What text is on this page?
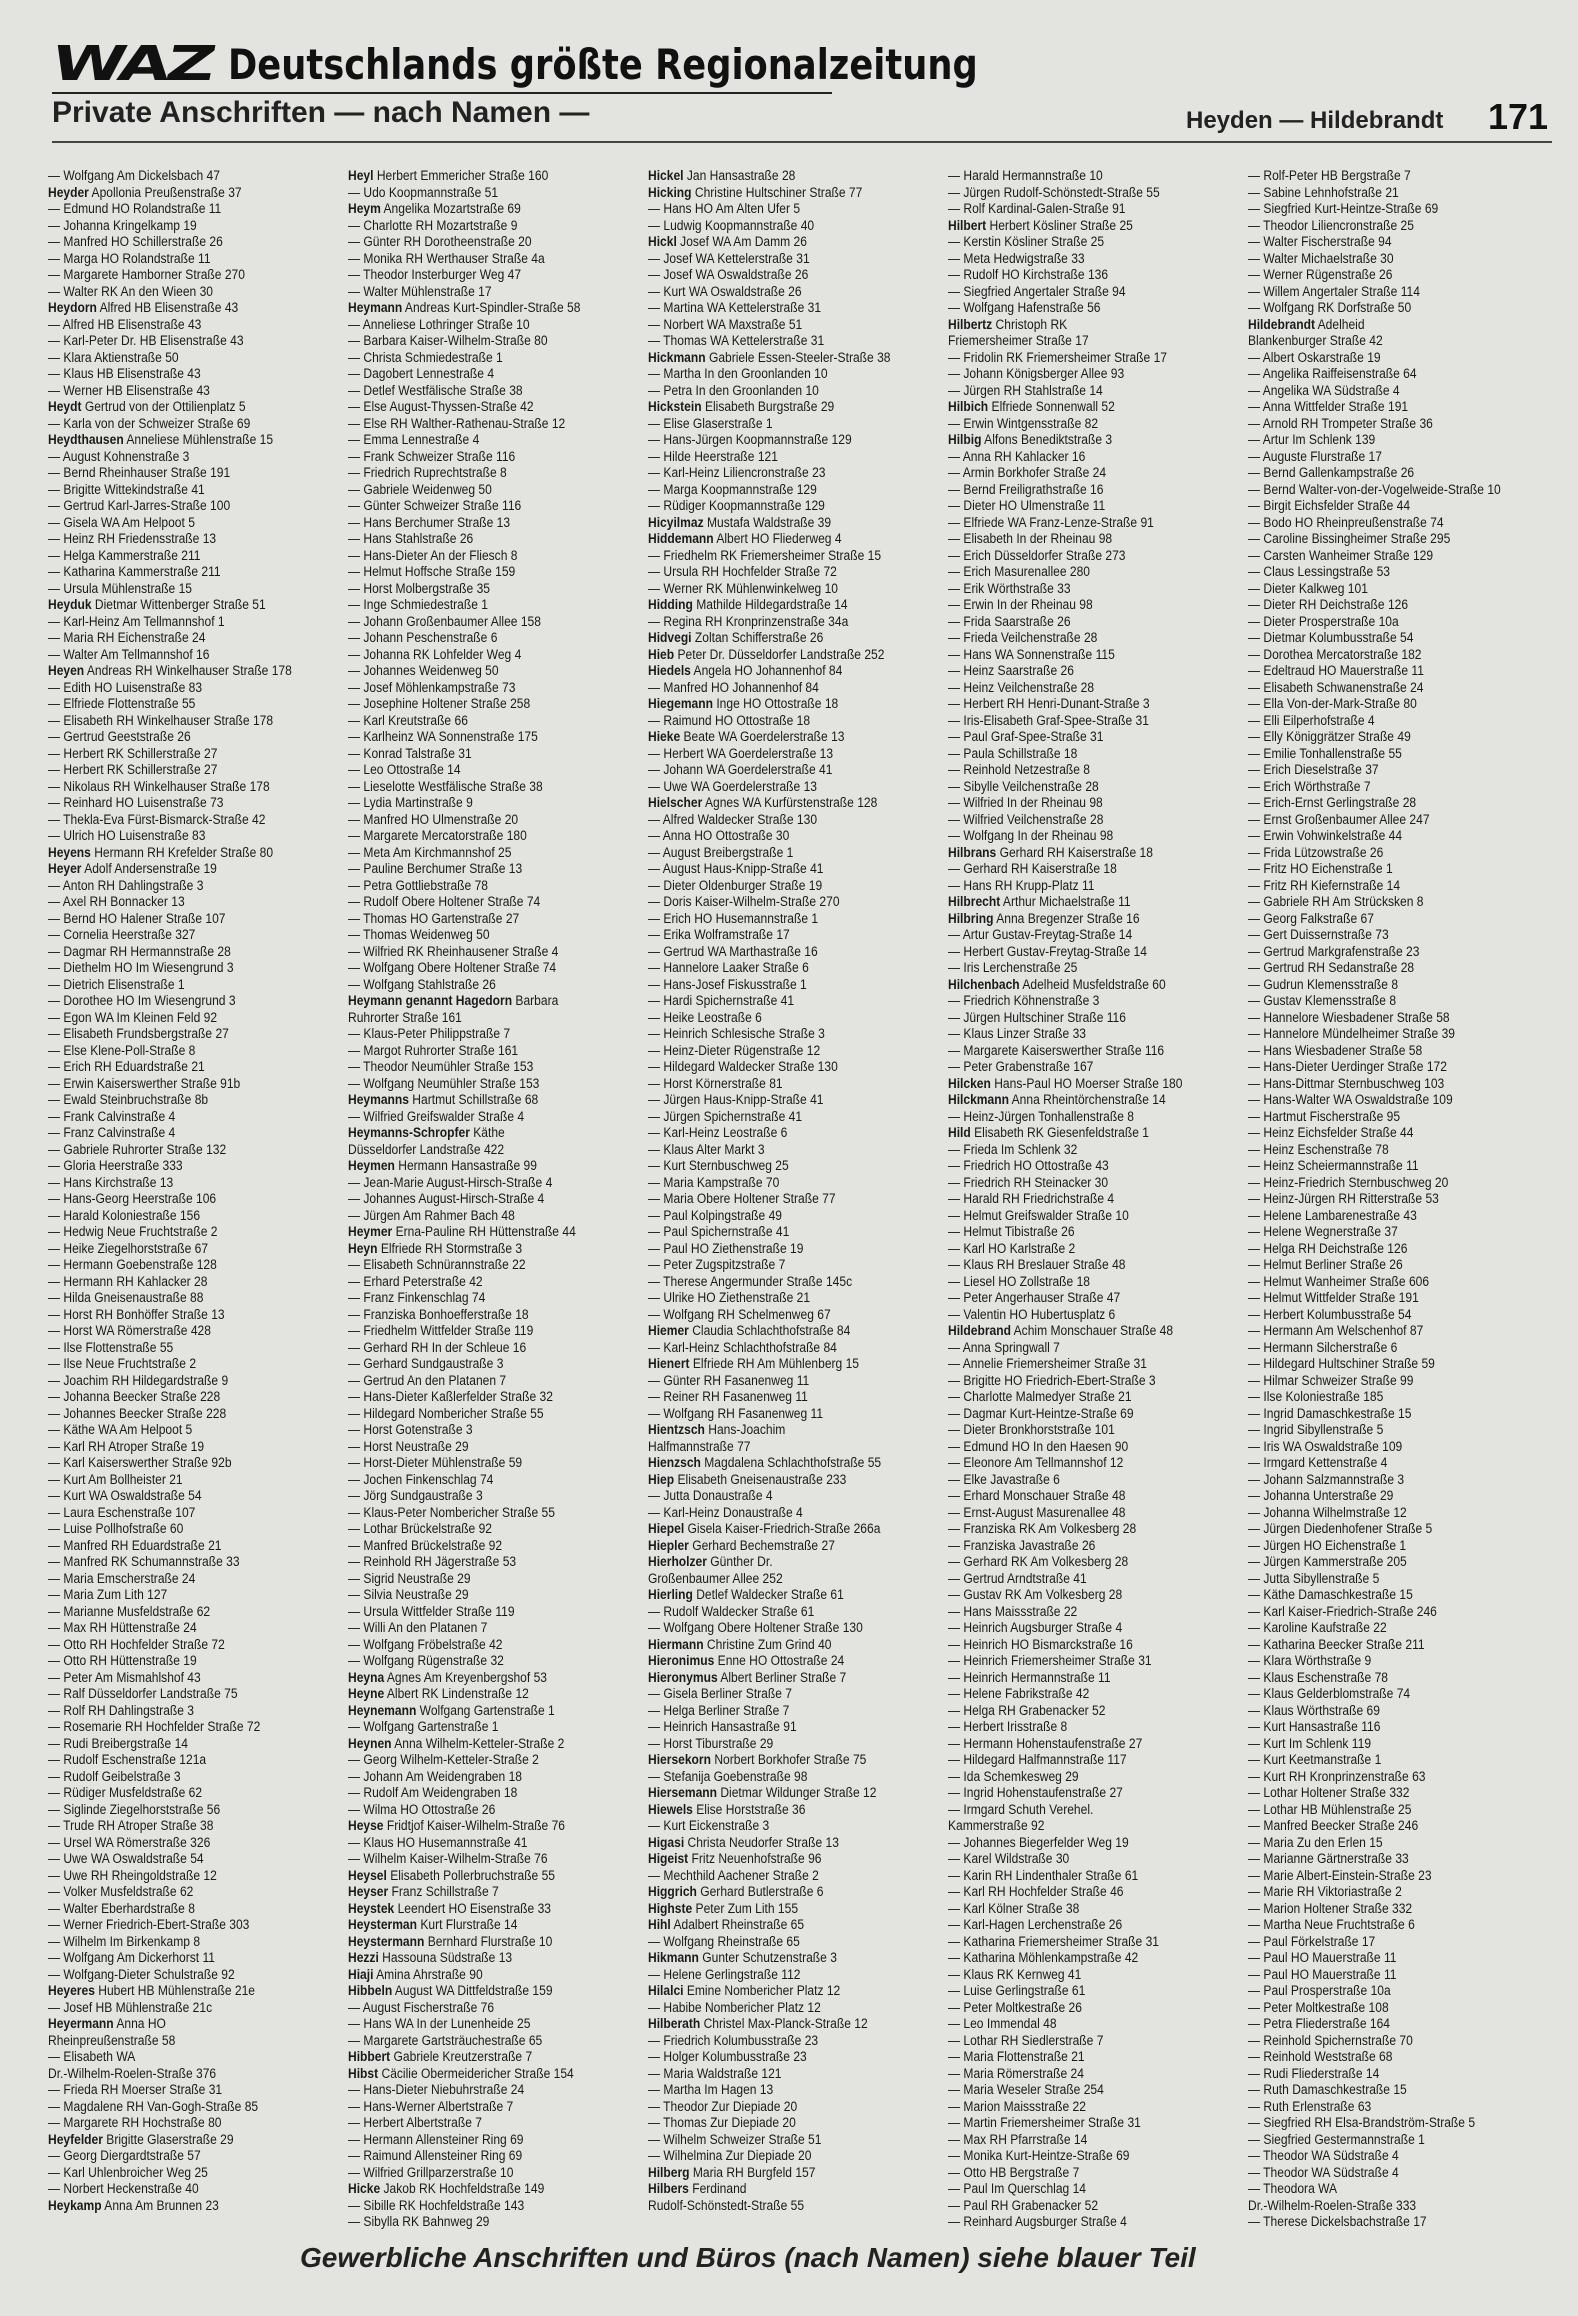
WAZ Deutschlands größte Regionalzeitung
Private Anschriften — nach Namen —	Heyden — Hildebrandt 171

— Wolfgang Am Dickelsbach 47

Heyder Apollonia Preußenstraße 37

— Edmund HO Rolandstraße 11

— Johanna Kringelkamp 19

— Manfred HO Schillerstraße 26

— Marga HO Rolandstraße 11

— Margarete Hamborner Straße 270

— Walter RK An den Wieen 30

Heydorn Alfred HB Elisenstraße 43

— Alfred HB Elisenstraße 43

— Karl-Peter Dr. HB Elisenstraße 43

— Klara Aktienstraße 50

— Klaus HB Elisenstraße 43

— Werner HB Elisenstraße 43

Heydt Gertrud von der Ottilienplatz 5

— Karla von der Schweizer Straße 69

Heydthausen Anneliese Mühlenstraße 15

— August Kohnenstraße 3

— Bernd Rheinhauser Straße 191

— Brigitte Wittekindstraße 41

— Gertrud Karl-Jarres-Straße 100

— Gisela WA Am Helpoot 5

— Heinz RH Friedensstraße 13

— Helga Kammerstraße 211

— Katharina Kammerstraße 211

— Ursula Mühlenstraße 15

Heyduk Dietmar Wittenberger Straße 51

— Karl-Heinz Am Tellmannshof 1

— Maria RH Eichenstraße 24

— Walter Am Tellmannshof 16

Heyen Andreas RH Winkelhauser Straße 178

— Edith HO Luisenstraße 83

— Elfriede Flottenstraße 55

— Elisabeth RH Winkelhauser Straße 178

— Gertrud Geeststraße 26

— Herbert RK Schillerstraße 27

— Herbert RK Schillerstraße 27

— Nikolaus RH Winkelhauser Straße 178

— Reinhard HO Luisenstraße 73

— Thekla-Eva Fürst-Bismarck-Straße 42

— Ulrich HO Luisenstraße 83

Heyens Hermann RH Krefelder Straße 80

Heyer Adolf Andersenstraße 19

— Anton RH Dahlingstraße 3

— Axel RH Bonnacker 13

— Bernd HO Halener Straße 107

— Cornelia Heerstraße 327

— Dagmar RH Hermannstraße 28

— Diethelm HO Im Wiesengrund 3

— Dietrich Elisenstraße 1

— Dorothee HO Im Wiesengrund 3

— Egon WA Im Kleinen Feld 92

— Elisabeth Frundsbergstraße 27

— Else Klene-Poll-Straße 8

— Erich RH Eduardstraße 21

— Erwin Kaiserswerther Straße 91b

— Ewald Steinbruchstraße 8b

— Frank Calvinstraße 4

— Franz Calvinstraße 4

— Gabriele Ruhrorter Straße 132

— Gloria Heerstraße 333

— Hans Kirchstraße 13

— Hans-Georg Heerstraße 106

— Harald Koloniestraße 156

— Hedwig Neue Fruchtstraße 2

— Heike Ziegelhorststraße 67

— Hermann Goebenstraße 128

— Hermann RH Kahlacker 28

— Hilda Gneisenaustraße 88

— Horst RH Bonhöffer Straße 13

— Horst WA Römerstraße 428

— Ilse Flottenstraße 55

— Ilse Neue Fruchtstraße 2

— Joachim RH Hildegardstraße 9

— Johanna Beecker Straße 228

— Johannes Beecker Straße 228

— Käthe WA Am Helpoot 5

— Karl RH Atroper Straße 19

— Karl Kaiserswerther Straße 92b

— Kurt Am Bollheister 21

— Kurt WA Oswaldstraße 54

— Laura Eschenstraße 107

— Luise Pollhofstraße 60

— Manfred RH Eduardstraße 21

— Manfred RK Schumannstraße 33

— Maria Emscherstraße 24

— Maria Zum Lith 127

— Marianne Musfeldstraße 62

— Max RH Hüttenstraße 24

— Otto RH Hochfelder Straße 72

— Otto RH Hüttenstraße 19

— Peter Am Mismahlshof 43

— Ralf Düsseldorfer Landstraße 75

— Rolf RH Dahlingstraße 3

— Rosemarie RH Hochfelder Straße 72

— Rudi Breibergstraße 14

— Rudolf Eschenstraße 121a

— Rudolf Geibelstraße 3

— Rüdiger Musfeldstraße 62

— Siglinde Ziegelhorststraße 56

— Trude RH Atroper Straße 38

— Ursel WA Römerstraße 326

— Uwe WA Oswaldstraße 54

— Uwe RH Rheingoldstraße 12

— Volker Musfeldstraße 62

— Walter Eberhardstraße 8

— Werner Friedrich-Ebert-Straße 303

— Wilhelm Im Birkenkamp 8

— Wolfgang Am Dickerhorst 11

— Wolfgang-Dieter Schulstraße 92

Heyeres Hubert HB Mühlenstraße 21e

— Josef HB Mühlenstraße 21c

Heyermann Anna HO

Rheinpreußenstraße 58

— Elisabeth WA

Dr.-Wilhelm-Roelen-Straße 376

— Frieda RH Moerser Straße 31

— Magdalene RH Van-Gogh-Straße 85

— Margarete RH Hochstraße 80

Heyfelder Brigitte Glaserstraße 29

— Georg Diergardtstraße 57

— Karl Uhlenbroicher Weg 25

— Norbert Heckenstraße 40

Heykamp Anna Am Brunnen 23

Heyl Herbert Emmericher Straße 160

— Udo Koopmannstraße 51

Heym Angelika Mozartstraße 69

— Charlotte RH Mozartstraße 9

— Günter RH Dorotheenstraße 20

— Monika RH Werthauser Straße 4a

— Theodor Insterburger Weg 47

— Walter Mühlenstraße 17

Heymann Andreas Kurt-Spindler-Straße 58

— Anneliese Lothringer Straße 10

— Barbara Kaiser-Wilhelm-Straße 80

— Christa Schmiedestraße 1

— Dagobert Lennestraße 4

— Detlef Westfälische Straße 38

— Else August-Thyssen-Straße 42

— Else RH Walther-Rathenau-Straße 12

— Emma Lennestraße 4

— Frank Schweizer Straße 116

— Friedrich Ruprechtstraße 8

— Gabriele Weidenweg 50

— Günter Schweizer Straße 116

— Hans Berchumer Straße 13

— Hans Stahlstraße 26

— Hans-Dieter An der Fliesch 8

— Helmut Hoffsche Straße 159

— Horst Molbergstraße 35

— Inge Schmiedestraße 1

— Johann Großenbaumer Allee 158

— Johann Peschenstraße 6

— Johanna RK Lohfelder Weg 4

— Johannes Weidenweg 50

— Josef Möhlenkampstraße 73

— Josephine Holtener Straße 258

— Karl Kreutstraße 66

— Karlheinz WA Sonnenstraße 175

— Konrad Talstraße 31

— Leo Ottostraße 14

— Lieselotte Westfälische Straße 38

— Lydia Martinstraße 9

— Manfred HO Ulmenstraße 20

— Margarete Mercatorstraße 180

— Meta Am Kirchmannshof 25

— Pauline Berchumer Straße 13

— Petra Gottliebstraße 78

— Rudolf Obere Holtener Straße 74

— Thomas HO Gartenstraße 27

— Thomas Weidenweg 50

— Wilfried RK Rheinhausener Straße 4

— Wolfgang Obere Holtener Straße 74

— Wolfgang Stahlstraße 26

Heymann genannt Hagedorn Barbara

Ruhrorter Straße 161

— Klaus-Peter Philippstraße 7

— Margot Ruhrorter Straße 161

— Theodor Neumühler Straße 153

— Wolfgang Neumühler Straße 153

Heymanns Hartmut Schillstraße 68

— Wilfried Greifswalder Straße 4

Heymanns-Schropfer Käthe

Düsseldorfer Landstraße 422

Heymen Hermann Hansastraße 99

— Jean-Marie August-Hirsch-Straße 4

— Johannes August-Hirsch-Straße 4

— Jürgen Am Rahmer Bach 48

Heymer Erna-Pauline RH Hüttenstraße 44

Heyn Elfriede RH Stormstraße 3

— Elisabeth Schnürannstraße 22

— Erhard Peterstraße 42

— Franz Finkenschlag 74

— Franziska Bonhoefferstraße 18

— Friedhelm Wittfelder Straße 119

— Gerhard RH In der Schleue 16

— Gerhard Sundgaustraße 3

— Gertrud An den Platanen 7

— Hans-Dieter Kaßlerfelder Straße 32

— Hildegard Nombericher Straße 55

— Horst Gotenstraße 3

— Horst Neustraße 29

— Horst-Dieter Mühlenstraße 59

— Jochen Finkenschlag 74

— Jörg Sundgaustraße 3

— Klaus-Peter Nombericher Straße 55

— Lothar Brückelstraße 92

— Manfred Brückelstraße 92

— Reinhold RH Jägerstraße 53

— Sigrid Neustraße 29

— Silvia Neustraße 29

— Ursula Wittfelder Straße 119

— Willi An den Platanen 7

— Wolfgang Fröbelstraße 42

— Wolfgang Rügenstraße 32

Heyna Agnes Am Kreyenbergshof 53

Heyne Albert RK Lindenstraße 12

Heynemann Wolfgang Gartenstraße 1

— Wolfgang Gartenstraße 1

Heynen Anna Wilhelm-Ketteler-Straße 2

— Georg Wilhelm-Ketteler-Straße 2

— Johann Am Weidengraben 18

— Rudolf Am Weidengraben 18

— Wilma HO Ottostraße 26

Heyse Fridtjof Kaiser-Wilhelm-Straße 76

— Klaus HO Husemannstraße 41

— Wilhelm Kaiser-Wilhelm-Straße 76

Heysel Elisabeth Pollerbruchstraße 55

Heyser Franz Schillstraße 7

Heystek Leendert HO Eisenstraße 33

Heysterman Kurt Flurstraße 14

Heystermann Bernhard Flurstraße 10

Hezzi Hassouna Südstraße 13

Hiaji Amina Ahrstraße 90

Hibbeln August WA Dittfeldstraße 159

— August Fischerstraße 76

— Hans WA In der Lunenheide 25

— Margarete Gartsträuchestraße 65

Hibbert Gabriele Kreutzerstraße 7

Hibst Cäcilie Obermeidericher Straße 154

— Hans-Dieter Niebuhrstraße 24

— Hans-Werner Albertstraße 7

— Herbert Albertstraße 7

— Hermann Allensteiner Ring 69

— Raimund Allensteiner Ring 69

— Wilfried Grillparzerstraße 10

Hicke Jakob RK Hochfeldstraße 149

— Sibille RK Hochfeldstraße 143

— Sibylla RK Bahnweg 29

Hickel Jan Hansastraße 28

Hicking Christine Hultschiner Straße 77

— Hans HO Am Alten Ufer 5

— Ludwig Koopmannstraße 40

Hickl Josef WA Am Damm 26

— Josef WA Kettelerstraße 31

— Josef WA Oswaldstraße 26

— Kurt WA Oswaldstraße 26

— Martina WA Kettelerstraße 31

— Norbert WA Maxstraße 51

— Thomas WA Kettelerstraße 31

Hickmann Gabriele Essen-Steeler-Straße 38

— Martha In den Groonlanden 10

— Petra In den Groonlanden 10

Hickstein Elisabeth Burgstraße 29

— Elise Glaserstraße 1

— Hans-Jürgen Koopmannstraße 129

— Hilde Heerstraße 121

— Karl-Heinz Liliencronstraße 23

— Marga Koopmannstraße 129

— Rüdiger Koopmannstraße 129

Hicyilmaz Mustafa Waldstraße 39

Hiddemann Albert HO Fliederweg 4

— Friedhelm RK Friemersheimer Straße 15

— Ursula RH Hochfelder Straße 72

— Werner RK Mühlenwinkelweg 10

Hidding Mathilde Hildegardstraße 14

— Regina RH Kronprinzenstraße 34a

Hidvegi Zoltan Schifferstraße 26

Hieb Peter Dr. Düsseldorfer Landstraße 252

Hiedels Angela HO Johannenhof 84

— Manfred HO Johannenhof 84

Hiegemann Inge HO Ottostraße 18

— Raimund HO Ottostraße 18

Hieke Beate WA Goerdelerstraße 13

— Herbert WA Goerdelerstraße 13

— Johann WA Goerdelerstraße 41

— Uwe WA Goerdelerstraße 13

Hielscher Agnes WA Kurfürstenstraße 128

— Alfred Waldecker Straße 130

— Anna HO Ottostraße 30

— August Breibergstraße 1

— August Haus-Knipp-Straße 41

— Dieter Oldenburger Straße 19

— Doris Kaiser-Wilhelm-Straße 270

— Erich HO Husemannstraße 1

— Erika Wolframstraße 17

— Gertrud WA Marthastraße 16

— Hannelore Laaker Straße 6

— Hans-Josef Fiskusstraße 1

— Hardi Spichernstraße 41

— Heike Leostraße 6

— Heinrich Schlesische Straße 3

— Heinz-Dieter Rügenstraße 12

— Hildegard Waldecker Straße 130

— Horst Körnerstraße 81

— Jürgen Haus-Knipp-Straße 41

— Jürgen Spichernstraße 41

— Karl-Heinz Leostraße 6

— Klaus Alter Markt 3

— Kurt Sternbuschweg 25

— Maria Kampstraße 70

— Maria Obere Holtener Straße 77

— Paul Kolpingstraße 49

— Paul Spichernstraße 41

— Paul HO Ziethenstraße 19

— Peter Zugspitzstraße 7

— Therese Angermunder Straße 145c

— Ulrike HO Ziethenstraße 21

— Wolfgang RH Schelmenweg 67

Hiemer Claudia Schlachthofstraße 84

— Karl-Heinz Schlachthofstraße 84

Hienert Elfriede RH Am Mühlenberg 15

— Günter RH Fasanenweg 11

— Reiner RH Fasanenweg 11

— Wolfgang RH Fasanenweg 11

Hientzsch Hans-Joachim

Halfmannstraße 77

Hienzsch Magdalena Schlachthofstraße 55

Hiep Elisabeth Gneisenaustraße 233

— Jutta Donaustraße 4

— Karl-Heinz Donaustraße 4

Hiepel Gisela Kaiser-Friedrich-Straße 266a

Hiepler Gerhard Bechemstraße 27

Hierholzer Günther Dr.

Großenbaumer Allee 252

Hierling Detlef Waldecker Straße 61

— Rudolf Waldecker Straße 61

— Wolfgang Obere Holtener Straße 130

Hiermann Christine Zum Grind 40

Hieronimus Enne HO Ottostraße 24

Hieronymus Albert Berliner Straße 7

— Gisela Berliner Straße 7

— Helga Berliner Straße 7

— Heinrich Hansastraße 91

— Horst Tiburstraße 29

Hiersekorn Norbert Borkhofer Straße 75

— Stefanija Goebenstraße 98

Hiersemann Dietmar Wildunger Straße 12

Hiewels Elise Horststraße 36

— Kurt Eickenstraße 3

Higasi Christa Neudorfer Straße 13

Higeist Fritz Neuenhofstraße 96

— Mechthild Aachener Straße 2

Higgrich Gerhard Butlerstraße 6

Highste Peter Zum Lith 155

Hihl Adalbert Rheinstraße 65

— Wolfgang Rheinstraße 65

Hikmann Gunter Schutzenstraße 3

— Helene Gerlingstraße 112

Hilalci Emine Nombericher Platz 12

— Habibe Nombericher Platz 12

Hilberath Christel Max-Planck-Straße 12

— Friedrich Kolumbusstraße 23

— Holger Kolumbusstraße 23

— Maria Waldstraße 121

— Martha Im Hagen 13

— Theodor Zur Diepiade 20

— Thomas Zur Diepiade 20

— Wilhelm Schweizer Straße 51

— Wilhelmina Zur Diepiade 20

Hilberg Maria RH Burgfeld 157

Hilbers Ferdinand

Rudolf-Schönstedt-Straße 55

— Harald Hermannstraße 10

— Jürgen Rudolf-Schönstedt-Straße 55

— Rolf Kardinal-Galen-Straße 91

Hilbert Herbert Kösliner Straße 25

— Kerstin Kösliner Straße 25

— Meta Hedwigstraße 33

— Rudolf HO Kirchstraße 136

— Siegfried Angertaler Straße 94

— Wolfgang Hafenstraße 56

Hilbertz Christoph RK

Friemersheimer Straße 17

— Fridolin RK Friemersheimer Straße 17

— Johann Königsberger Allee 93

— Jürgen RH Stahlstraße 14

Hilbich Elfriede Sonnenwall 52

— Erwin Wintgensstraße 82

Hilbig Alfons Benediktstraße 3

— Anna RH Kahlacker 16

— Armin Borkhofer Straße 24

— Bernd Freiligrathstraße 16

— Dieter HO Ulmenstraße 11

— Elfriede WA Franz-Lenze-Straße 91

— Elisabeth In der Rheinau 98

— Erich Düsseldorfer Straße 273

— Erich Masurenallee 280

— Erik Wörthstraße 33

— Erwin In der Rheinau 98

— Frida Saarstraße 26

— Frieda Veilchenstraße 28

— Hans WA Sonnenstraße 115

— Heinz Saarstraße 26

— Heinz Veilchenstraße 28

— Herbert RH Henri-Dunant-Straße 3

— Iris-Elisabeth Graf-Spee-Straße 31

— Paul Graf-Spee-Straße 31

— Paula Schillstraße 18

— Reinhold Netzestraße 8

— Sibylle Veilchenstraße 28

— Wilfried In der Rheinau 98

— Wilfried Veilchenstraße 28

— Wolfgang In der Rheinau 98

Hilbrans Gerhard RH Kaiserstraße 18

— Gerhard RH Kaiserstraße 18

— Hans RH Krupp-Platz 11

Hilbrecht Arthur Michaelstraße 11

Hilbring Anna Bregenzer Straße 16

— Artur Gustav-Freytag-Straße 14

— Herbert Gustav-Freytag-Straße 14

— Iris Lerchenstraße 25

Hilchenbach Adelheid Musfeldstraße 60

— Friedrich Köhnenstraße 3

— Jürgen Hultschiner Straße 116

— Klaus Linzer Straße 33

— Margarete Kaiserswerther Straße 116

— Peter Grabenstraße 167

Hilcken Hans-Paul HO Moerser Straße 180

Hilckmann Anna Rheintörchenstraße 14

— Heinz-Jürgen Tonhallenstraße 8

Hild Elisabeth RK Giesenfeldstraße 1

— Frieda Im Schlenk 32

— Friedrich HO Ottostraße 43

— Friedrich RH Steinacker 30

— Harald RH Friedrichstraße 4

— Helmut Greifswalder Straße 10

— Helmut Tibistraße 26

— Karl HO Karlstraße 2

— Klaus RH Breslauer Straße 48

— Liesel HO Zollstraße 18

— Peter Angerhauser Straße 47

— Valentin HO Hubertusplatz 6

Hildebrand Achim Monschauer Straße 48

— Anna Springwall 7

— Annelie Friemersheimer Straße 31

— Brigitte HO Friedrich-Ebert-Straße 3

— Charlotte Malmedyer Straße 21

— Dagmar Kurt-Heintze-Straße 69

— Dieter Bronkhorststraße 101

— Edmund HO In den Haesen 90

— Eleonore Am Tellmannshof 12

— Elke Javastraße 6

— Erhard Monschauer Straße 48

— Ernst-August Masurenallee 48

— Franziska RK Am Volkesberg 28

— Franziska Javastraße 26

— Gerhard RK Am Volkesberg 28

— Gertrud Arndtstraße 41

— Gustav RK Am Volkesberg 28

— Hans Maissstraße 22

— Heinrich Augsburger Straße 4

— Heinrich HO Bismarckstraße 16

— Heinrich Friemersheimer Straße 31

— Heinrich Hermannstraße 11

— Helene Fabrikstraße 42

— Helga RH Grabenacker 52

— Herbert Irisstraße 8

— Hermann Hohenstaufenstraße 27

— Hildegard Halfmannstraße 117

— Ida Schemkesweg 29

— Ingrid Hohenstaufenstraße 27

— Irmgard Schuth Verehel.

Kammerstraße 92

— Johannes Biegerfelder Weg 19

— Karel Wildstraße 30

— Karin RH Lindenthaler Straße 61

— Karl RH Hochfelder Straße 46

— Karl Kölner Straße 38

— Karl-Hagen Lerchenstraße 26

— Katharina Friemersheimer Straße 31

— Katharina Möhlenkampstraße 42

— Klaus RK Kernweg 41

— Luise Gerlingstraße 61

— Peter Moltkestraße 26

— Leo Immendal 48

— Lothar RH Siedlerstraße 7

— Maria Flottenstraße 21

— Maria Römerstraße 24

— Maria Weseler Straße 254

— Marion Maissstraße 22

— Martin Friemersheimer Straße 31

— Max RH Pfarrstraße 14

— Monika Kurt-Heintze-Straße 69

— Otto HB Bergstraße 7

— Paul Im Querschlag 14

— Paul RH Grabenacker 52

— Reinhard Augsburger Straße 4

— Rolf-Peter HB Bergstraße 7

— Sabine Lehnhofstraße 21

— Siegfried Kurt-Heintze-Straße 69

— Theodor Liliencronstraße 25

— Walter Fischerstraße 94

— Walter Michaelstraße 30

— Werner Rügenstraße 26

— Willem Angertaler Straße 114

— Wolfgang RK Dorfstraße 50

Hildebrandt Adelheid

Blankenburger Straße 42

— Albert Oskarstraße 19

— Angelika Raiffeisenstraße 64

— Angelika WA Südstraße 4

— Anna Wittfelder Straße 191

— Arnold RH Trompeter Straße 36

— Artur Im Schlenk 139

— Auguste Flurstraße 17

— Bernd Gallenkampstraße 26

— Bernd Walter-von-der-Vogelweide-Straße 10

— Birgit Eichsfelder Straße 44

— Bodo HO Rheinpreußenstraße 74

— Caroline Bissingheimer Straße 295

— Carsten Wanheimer Straße 129

— Claus Lessingstraße 53

— Dieter Kalkweg 101

— Dieter RH Deichstraße 126

— Dieter Prosperstraße 10a

— Dietmar Kolumbusstraße 54

— Dorothea Mercatorstraße 182

— Edeltraud HO Mauerstraße 11

— Elisabeth Schwanenstraße 24

— Ella Von-der-Mark-Straße 80

— Elli Eilperhofstraße 4

— Elly Königgrätzer Straße 49

— Emilie Tonhallenstraße 55

— Erich Dieselstraße 37

— Erich Wörthstraße 7

— Erich-Ernst Gerlingstraße 28

— Ernst Großenbaumer Allee 247

— Erwin Vohwinkelstraße 44

— Frida Lützowstraße 26

— Fritz HO Eichenstraße 1

— Fritz RH Kiefernstraße 14

— Gabriele RH Am Strücksken 8

— Georg Falkstraße 67

— Gert Duissernstraße 73

— Gertrud Markgrafenstraße 23

— Gertrud RH Sedanstraße 28

— Gudrun Klemensstraße 8

— Gustav Klemensstraße 8

— Hannelore Wiesbadener Straße 58

— Hannelore Mündelheimer Straße 39

— Hans Wiesbadener Straße 58

— Hans-Dieter Uerdinger Straße 172

— Hans-Dittmar Sternbuschweg 103

— Hans-Walter WA Oswaldstraße 109

— Hartmut Fischerstraße 95

— Heinz Eichsfelder Straße 44

— Heinz Eschenstraße 78

— Heinz Scheiermannstraße 11

— Heinz-Friedrich Sternbuschweg 20

— Heinz-Jürgen RH Ritterstraße 53

— Helene Lambarenestraße 43

— Helene Wegnerstraße 37

— Helga RH Deichstraße 126

— Helmut Berliner Straße 26

— Helmut Wanheimer Straße 606

— Helmut Wittfelder Straße 191

— Herbert Kolumbusstraße 54

— Hermann Am Welschenhof 87

— Hermann Silcherstraße 6

— Hildegard Hultschiner Straße 59

— Hilmar Schweizer Straße 99

— Ilse Koloniestraße 185

— Ingrid Damaschkestraße 15

— Ingrid Sibyllenstraße 5

— Iris WA Oswaldstraße 109

— Irmgard Kettenstraße 4

— Johann Salzmannstraße 3

— Johanna Unterstraße 29

— Johanna Wilhelmstraße 12

— Jürgen Diedenhofener Straße 5

— Jürgen HO Eichenstraße 1

— Jürgen Kammerstraße 205

— Jutta Sibyllenstraße 5

— Käthe Damaschkestraße 15

— Karl Kaiser-Friedrich-Straße 246

— Karoline Kaufstraße 22

— Katharina Beecker Straße 211

— Klara Wörthstraße 9

— Klaus Eschenstraße 78

— Klaus Gelderblomstraße 74

— Klaus Wörthstraße 69

— Kurt Hansastraße 116

— Kurt Im Schlenk 119

— Kurt Keetmanstraße 1

— Kurt RH Kronprinzenstraße 63

— Lothar Holtener Straße 332

— Lothar HB Mühlenstraße 25

— Manfred Beecker Straße 246

— Maria Zu den Erlen 15

— Marianne Gärtnerstraße 33

— Marie Albert-Einstein-Straße 23

— Marie RH Viktoriastraße 2

— Marion Holtener Straße 332

— Martha Neue Fruchtstraße 6

— Paul Förkelstraße 17

— Paul HO Mauerstraße 11

— Paul HO Mauerstraße 11

— Paul Prosperstraße 10a

— Peter Moltkestraße 108

— Petra Fliederstraße 164

— Reinhold Spichernstraße 70

— Reinhold Weststraße 68

— Rudi Fliederstraße 14

— Ruth Damaschkestraße 15

— Ruth Erlenstraße 63

— Siegfried RH Elsa-Brandström-Straße 5

— Siegfried Gestermannstraße 1

— Theodor WA Südstraße 4

— Theodor WA Südstraße 4

— Theodora WA

Dr.-Wilhelm-Roelen-Straße 333

— Therese Dickelsbachstraße 17

Gewerbliche Anschriften und Büros (nach Namen) siehe blauer Teil
